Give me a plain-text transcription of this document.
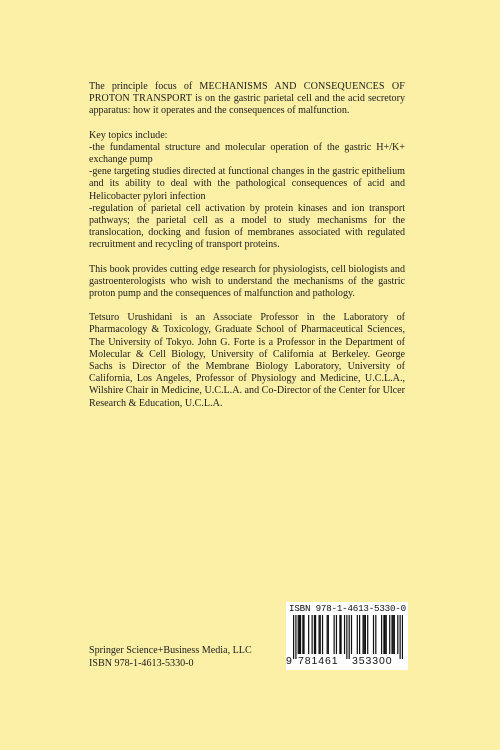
The principle focus of MECHANISMS AND CONSEQUENCES OF PROTON TRANSPORT is on the gastric parietal cell and the acid secretory apparatus: how it operates and the consequences of malfunction.

Key topics include:
-the fundamental structure and molecular operation of the gastric H+/K+ exchange pump
-gene targeting studies directed at functional changes in the gastric epithelium and its ability to deal with the pathological consequences of acid and Helicobacter pylori infection
-regulation of parietal cell activation by protein kinases and ion transport pathways; the parietal cell as a model to study mechanisms for the translocation, docking and fusion of membranes associated with regulated recruitment and recycling of transport proteins.

This book provides cutting edge research for physiologists, cell biologists and gastroenterologists who wish to understand the mechanisms of the gastric proton pump and the consequences of malfunction and pathology.

Tetsuro Urushidani is an Associate Professor in the Laboratory of Pharmacology & Toxicology, Graduate School of Pharmaceutical Sciences, The University of Tokyo. John G. Forte is a Professor in the Department of Molecular & Cell Biology, University of California at Berkeley. George Sachs is Director of the Membrane Biology Laboratory, University of California, Los Angeles, Professor of Physiology and Medicine, U.C.L.A., Wilshire Chair in Medicine, U.C.L.A. and Co-Director of the Center for Ulcer Research & Education, U.C.L.A.

ISBN 978-1-4613-5330-0
9 781461 353300
Springer Science+Business Media, LLC
ISBN 978-1-4613-5330-0
